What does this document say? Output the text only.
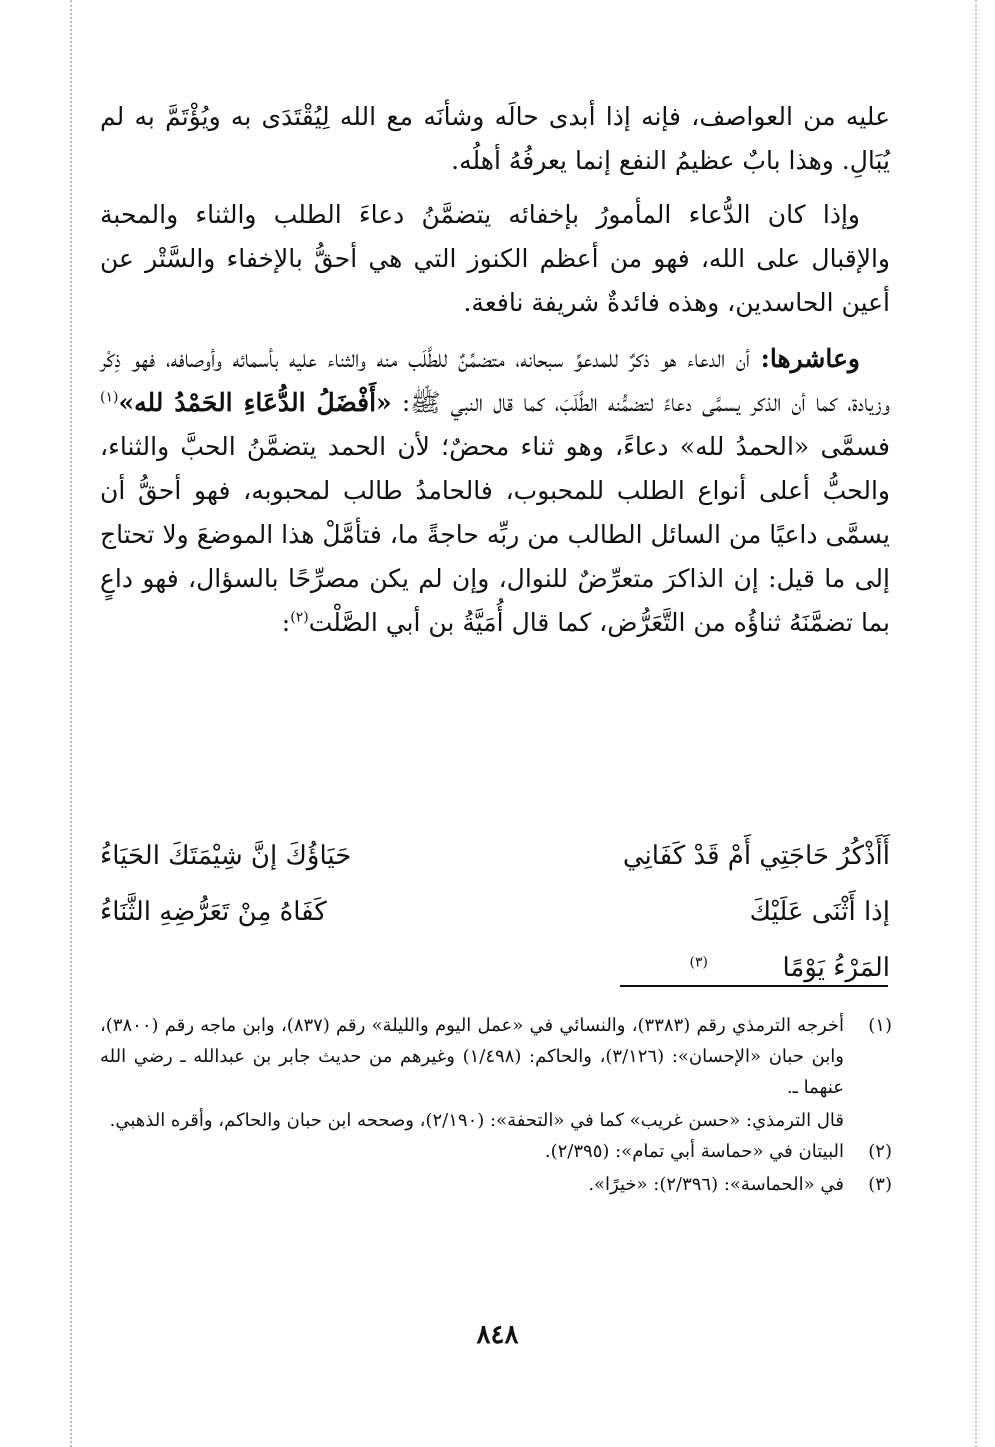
عليه من العواصف، فإنه إذا أبدى حالَه وشأنَه مع الله لِيُقْتَدَى به ويُؤْتَمَّ به لم يُبَالِ. وهذا بابٌ عظيمُ النفع إنما يعرفُهُ أهلُه.

وإذا كان الدُّعاء المأمورُ بإخفائه يتضمَّنُ دعاءَ الطلب والثناء والمحبة والإقبال على الله، فهو من أعظم الكنوز التي هي أحقُّ بالإخفاء والسَّتْر عن أعين الحاسدين، وهذه فائدةٌ شريفة نافعة.

وعاشرها: أن الدعاء هو ذكرٌ للمدعوِّ سبحانه، متضمِّنٌ للطَّلَب منه والثناء عليه بأسمائه وأوصافه، فهو ذِكْر وزيادة، كما أن الذكر يسمَّى دعاءً لتضمُّنه الطَّلَبَ، كما قال النبي ﷺ: «أَفْضَلُ الدُّعَاءِ الحَمْدُ لله»$^{(١)}$ فسمَّى «الحمدُ لله» دعاءً، وهو ثناء محضٌ؛ لأن الحمد يتضمَّنُ الحبَّ والثناء، والحبُّ أعلى أنواع الطلب للمحبوب، فالحامدُ طالب لمحبوبه، فهو أحقُّ أن يسمَّى داعيًا من السائل الطالب من ربِّه حاجةً ما، فتأمَّلْ هذا الموضعَ ولا تحتاج إلى ما قيل: إن الذاكرَ متعرِّضٌ للنوال، وإن لم يكن مصرِّحًا بالسؤال، فهو داعٍ بما تضمَّنَهُ ثناؤُه من التَّعَرُّض، كما قال أُمَيَّةُ بن أبي الصَّلْت$^{(٢)}$:

أَأَذْكُرُ حَاجَتِي أَمْ قَدْ كَفَانِي
حَيَاؤُكَ إنَّ شِيْمَتَكَ الحَيَاءُ
إذا أَثْنَى عَلَيْكَ المَرْءُ يَوْمًا$^{(٣)}$
كَفَاهُ مِنْ تَعَرُّضِهِ الثَّنَاءُ
(١)
أخرجه الترمذي رقم (٣٣٨٣)، والنسائي في «عمل اليوم والليلة» رقم (٨٣٧)، وابن ماجه رقم (٣٨٠٠)، وابن حبان «الإحسان»: (٣/١٢٦)، والحاكم: (١/٤٩٨) وغيرهم من حديث جابر بن عبدالله ـ رضي الله عنهما ـ.
قال الترمذي: «حسن غريب» كما في «التحفة»: (٢/١٩٠)، وصححه ابن حبان والحاكم، وأقره الذهبي.
(٢)
البيتان في «حماسة أبي تمام»: (٢/٣٩٥).
(٣)
في «الحماسة»: (٢/٣٩٦): «خيرًا».
٨٤٨
